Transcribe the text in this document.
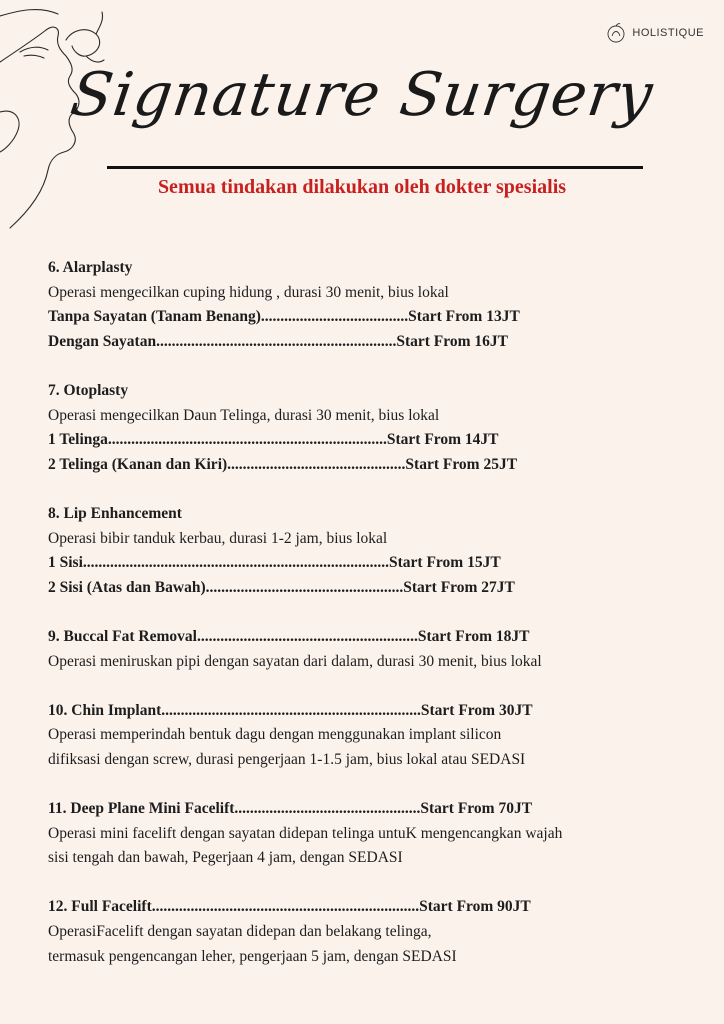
HOLISTIQUE
Signature Surgery
Semua tindakan dilakukan oleh dokter spesialis
6. Alarplasty
Operasi mengecilkan cuping hidung , durasi 30 menit, bius lokal
Tanpa Sayatan (Tanam Benang)......................................Start From 13JT
Dengan Sayatan..............................................................Start From 16JT
7. Otoplasty
Operasi mengecilkan Daun Telinga, durasi 30 menit, bius lokal
1 Telinga........................................................................Start From 14JT
2 Telinga (Kanan dan Kiri)..............................................Start From 25JT
8. Lip Enhancement
Operasi bibir tanduk kerbau, durasi 1-2 jam, bius lokal
1 Sisi...............................................................................Start From 15JT
2 Sisi (Atas dan Bawah)...................................................Start From 27JT
9. Buccal Fat Removal.........................................................Start From 18JT
Operasi meniruskan pipi dengan sayatan dari dalam, durasi 30 menit, bius lokal
10. Chin Implant...................................................................Start From 30JT
Operasi memperindah bentuk dagu dengan menggunakan implant silicon
difiksasi dengan screw, durasi pengerjaan 1-1.5 jam, bius lokal atau SEDASI
11. Deep Plane Mini Facelift................................................Start From 70JT
Operasi mini facelift dengan sayatan didepan telinga untuK mengencangkan wajah
sisi tengah dan bawah, Pegerjaan 4 jam, dengan SEDASI
12. Full Facelift.....................................................................Start From 90JT
OperasiFacelift dengan sayatan didepan dan belakang telinga,
termasuk pengencangan leher, pengerjaan 5 jam, dengan SEDASI
